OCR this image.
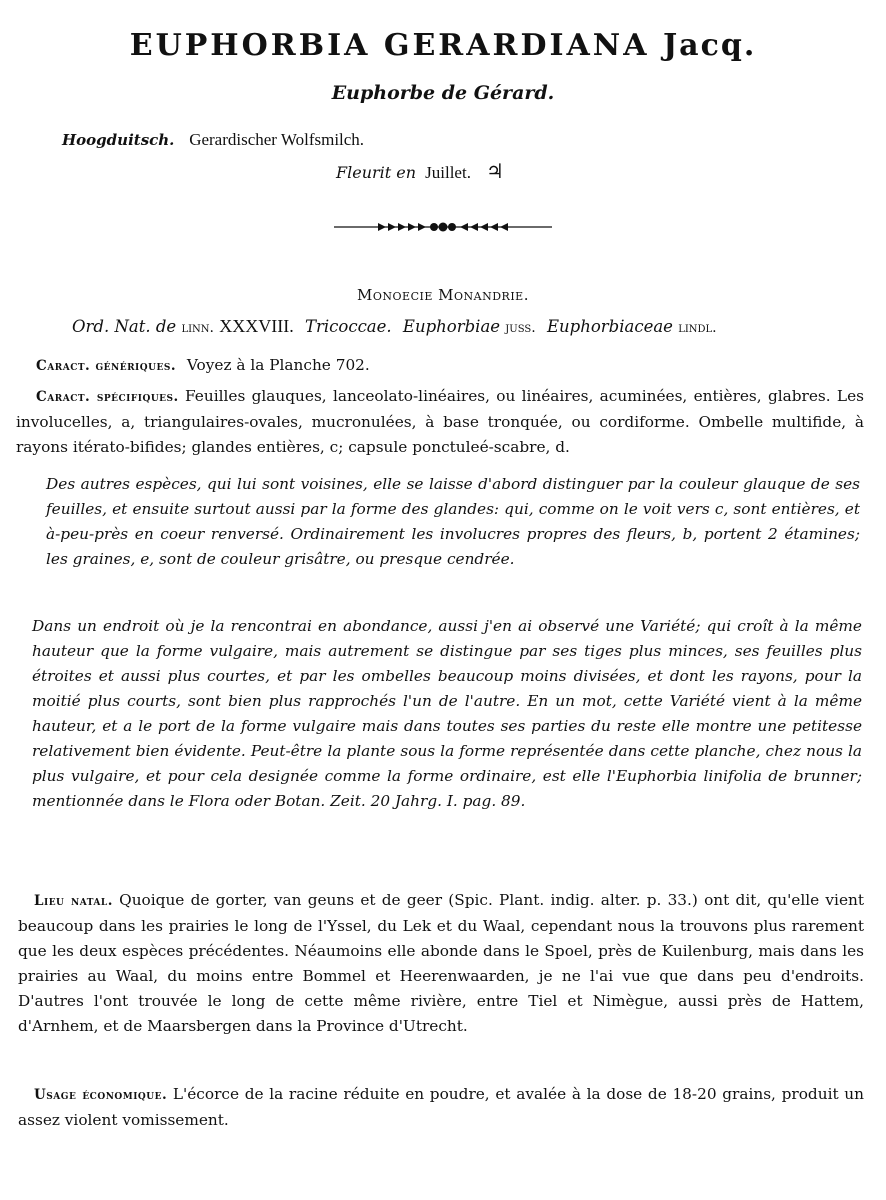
EUPHORBIA GERARDIANA Jacq.
Euphorbe de Gérard.
Hoogduitsch. Gerardischer Wolfsmilch.
Fleurit en Juillet. ♃
Monoecie Monandrie.
Ord. Nat. de linn. XXXVIII. Tricoccae. Euphorbiae juss. Euphorbiaceae lindl.
Caract. génériques. Voyez à la Planche 702.
Caract. spécifiques. Feuilles glauques, lanceolato-linéaires, ou linéaires, acuminées, entières, glabres. Les involucelles, a, triangulaires-ovales, mucronulées, à base tronquée, ou cordiforme. Ombelle multifide, à rayons itérato-bifides; glandes entières, c; capsule ponctuleé-scabre, d.
Des autres espèces, qui lui sont voisines, elle se laisse d'abord distinguer par la couleur glauque de ses feuilles, et ensuite surtout aussi par la forme des glandes: qui, comme on le voit vers c, sont entières, et à-peu-près en coeur renversé. Ordinairement les involucres propres des fleurs, b, portent 2 étamines; les graines, e, sont de couleur grisâtre, ou presque cendrée.
Dans un endroit où je la rencontrai en abondance, aussi j'en ai observé une Variété; qui croît à la même hauteur que la forme vulgaire, mais autrement se distingue par ses tiges plus minces, ses feuilles plus étroites et aussi plus courtes, et par les ombelles beaucoup moins divisées, et dont les rayons, pour la moitié plus courts, sont bien plus rapprochés l'un de l'autre. En un mot, cette Variété vient à la même hauteur, et a le port de la forme vulgaire mais dans toutes ses parties du reste elle montre une petitesse relativement bien évidente. Peut-être la plante sous la forme représentée dans cette planche, chez nous la plus vulgaire, et pour cela designée comme la forme ordinaire, est elle l'Euphorbia linifolia de brunner; mentionnée dans le Flora oder Botan. Zeit. 20 Jahrg. I. pag. 89.
Lieu natal. Quoique de gorter, van geuns et de geer (Spic. Plant. indig. alter. p. 33.) ont dit, qu'elle vient beaucoup dans les prairies le long de l'Yssel, du Lek et du Waal, cependant nous la trouvons plus rarement que les deux espèces précédentes. Néaumoins elle abonde dans le Spoel, près de Kuilenburg, mais dans les prairies au Waal, du moins entre Bommel et Heerenwaarden, je ne l'ai vue que dans peu d'endroits. D'autres l'ont trouvée le long de cette même rivière, entre Tiel et Nimègue, aussi près de Hattem, d'Arnhem, et de Maarsbergen dans la Province d'Utrecht.
Usage économique. L'écorce de la racine réduite en poudre, et avalée à la dose de 18-20 grains, produit un assez violent vomissement.
